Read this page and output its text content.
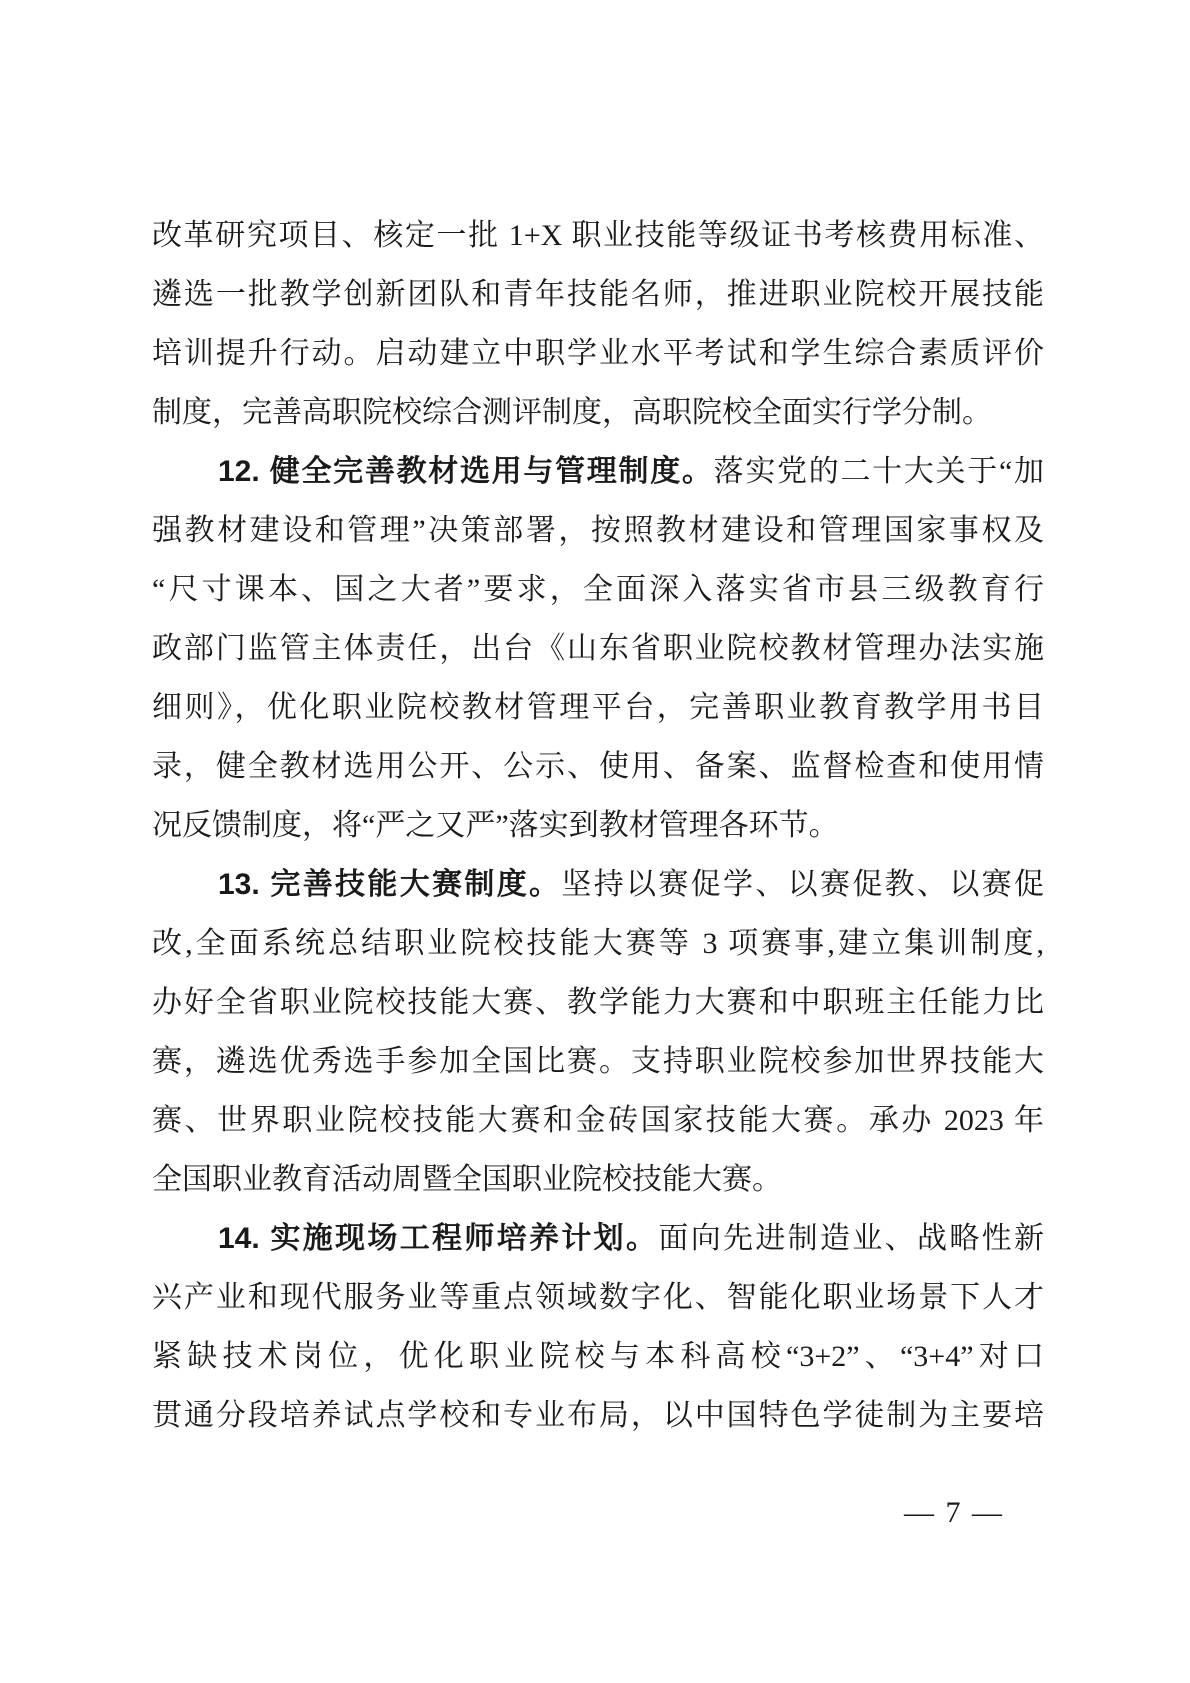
改革研究项目、核定一批 1+X 职业技能等级证书考核费用标准、
遴选一批教学创新团队和青年技能名师，推进职业院校开展技能
培训提升行动。启动建立中职学业水平考试和学生综合素质评价
制度，完善高职院校综合测评制度，高职院校全面实行学分制。
12. 健全完善教材选用与管理制度。落实党的二十大关于“加
强教材建设和管理”决策部署，按照教材建设和管理国家事权及
“尺寸课本、国之大者”要求，全面深入落实省市县三级教育行
政部门监管主体责任，出台《山东省职业院校教材管理办法实施
细则》，优化职业院校教材管理平台，完善职业教育教学用书目
录，健全教材选用公开、公示、使用、备案、监督检查和使用情
况反馈制度，将“严之又严”落实到教材管理各环节。
13. 完善技能大赛制度。坚持以赛促学、以赛促教、以赛促
改,全面系统总结职业院校技能大赛等 3 项赛事,建立集训制度,
办好全省职业院校技能大赛、教学能力大赛和中职班主任能力比
赛，遴选优秀选手参加全国比赛。支持职业院校参加世界技能大
赛、世界职业院校技能大赛和金砖国家技能大赛。承办 2023 年
全国职业教育活动周暨全国职业院校技能大赛。
14. 实施现场工程师培养计划。面向先进制造业、战略性新
兴产业和现代服务业等重点领域数字化、智能化职业场景下人才
紧缺技术岗位，优化职业院校与本科高校“3+2”、“3+4”对口
贯通分段培养试点学校和专业布局，以中国特色学徒制为主要培
— 7 —
